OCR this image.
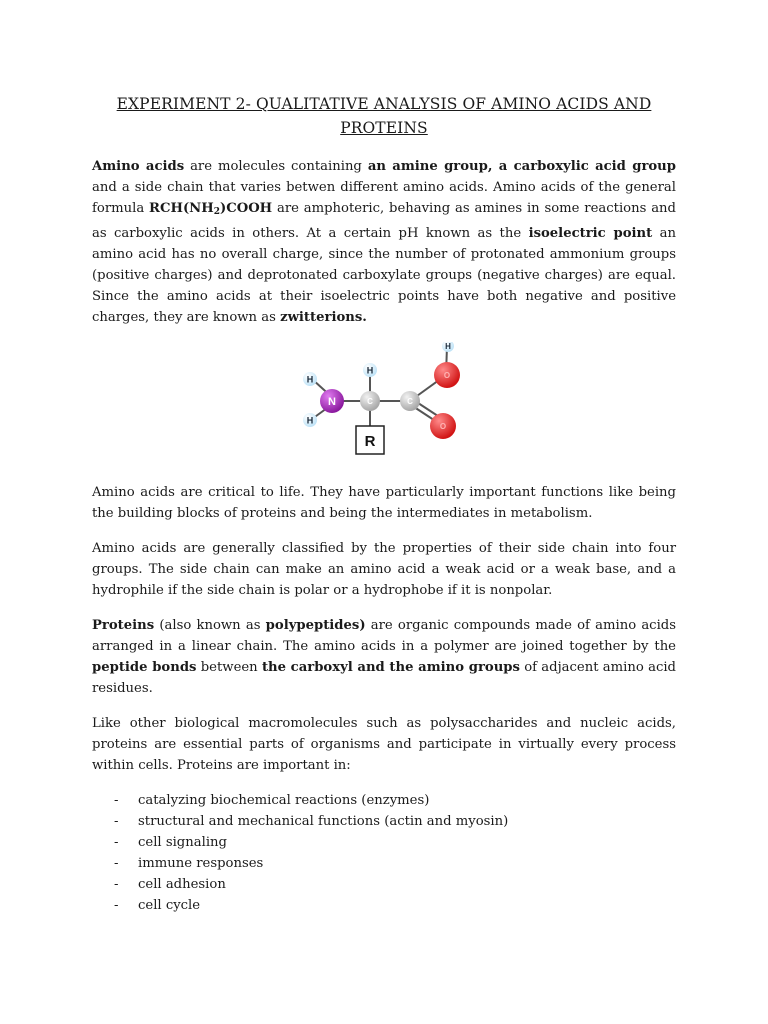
EXPERIMENT 2- QUALITATIVE ANALYSIS OF AMINO ACIDS AND PROTEINS

Amino acids are molecules containing an amine group, a carboxylic acid group and a side chain that varies betwen different amino acids. Amino acids of the general formula $RCH(NH_2)COOH$ are amphoteric, behaving as amines in some reactions and as carboxylic acids in others. At a certain pH known as the isoelectric point an amino acid has no overall charge, since the number of protonated ammonium groups (positive charges) and deprotonated carboxylate groups (negative charges) are equal. Since the amino acids at their isoelectric points have both negative and positive charges, they are known as zwitterions.

H
H
N
H
C	C
O
O
H
R

Amino acids are critical to life. They have particularly important functions like being the building blocks of proteins and being the intermediates in metabolism.

Amino acids are generally classified by the properties of their side chain into four groups. The side chain can make an amino acid a weak acid or a weak base, and a hydrophile if the side chain is polar or a hydrophobe if it is nonpolar.

Proteins (also known as polypeptides) are organic compounds made of amino acids arranged in a linear chain. The amino acids in a polymer are joined together by the peptide bonds between the carboxyl and the amino groups of adjacent amino acid residues.

Like other biological macromolecules such as polysaccharides and nucleic acids, proteins are essential parts of organisms and participate in virtually every process within cells. Proteins are important in:

- catalyzing biochemical reactions (enzymes)
- structural and mechanical functions (actin and myosin)
- cell signaling
- immune responses
- cell adhesion
- cell cycle
